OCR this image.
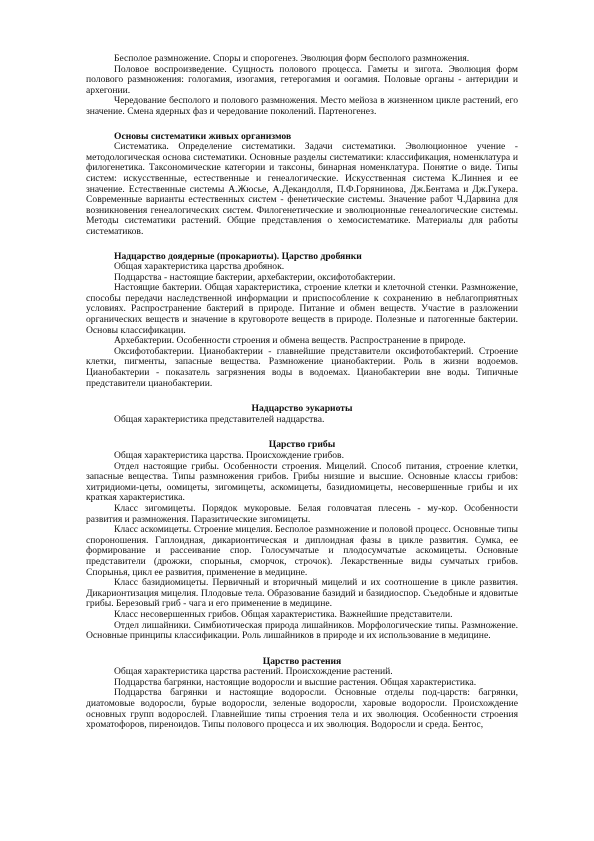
Бесполое размножение. Споры и спорогенез. Эволюция форм бесполого размножения.

Половое воспроизведение. Сущность полового процесса. Гаметы и зигота. Эволюция форм полового размножения: гологамия, изогамия, гетерогамия и оогамия. Половые органы - антеридии и архегонии.

Чередование бесполого и полового размножения. Место мейоза в жизненном цикле растений, его значение. Смена ядерных фаз и чередование поколений. Партеногенез.

Основы систематики живых организмов

Систематика. Определение систематики. Задачи систематики. Эволюционное учение - методологическая основа систематики. Основные разделы систематики: классификация, номенклатура и филогенетика. Таксономические категории и таксоны, бинарная номенклатура. Понятие о виде. Типы систем: искусственные, естественные и генеалогические. Искусственная система К.Линнея и ее значение. Естественные системы А.Жюсье, А.Декандолля, П.Ф.Горянинова, Дж.Бентама и Дж.Гукера. Современные варианты естественных систем - фенетические системы. Значение работ Ч.Дарвина для возникновения генеалогических систем. Филогенетические и эволюционные генеалогические системы. Методы систематики растений. Общие представления о хемосистематике. Материалы для работы систематиков.

Надцарство доядерные (прокариоты). Царство дробянки

Общая характеристика царства дробянок.

Подцарства - настоящие бактерии, архебактерии, оксифотобактерии.

Настоящие бактерии. Общая характеристика, строение клетки и клеточной стенки. Размножение, способы передачи наследственной информации и приспособление к сохранению в неблагоприятных условиях. Распространение бактерий в природе. Питание и обмен веществ. Участие в разложении органических веществ и значение в круговороте веществ в природе. Полезные и патогенные бактерии. Основы классификации.

Архебактерии. Особенности строения и обмена веществ. Распространение в природе.

Оксифотобактерии. Цианобактерии - главнейшие представители оксифотобактерий. Строение клетки, пигменты, запасные вещества. Размножение цианобактерии. Роль в жизни водоемов. Цианобактерии - показатель загрязнения воды в водоемах. Цианобактерии вне воды. Типичные представители цианобактерии.

Надцарство эукариоты

Общая характеристика представителей надцарства.

Царство грибы

Общая характеристика царства. Происхождение грибов.

Отдел настоящие грибы. Особенности строения. Мицелий. Способ питания, строение клетки, запасные вещества. Типы размножения грибов. Грибы низшие и высшие. Основные классы грибов: хитридиоми-цеты, оомицеты, зигомицеты, аскомицеты, базидиомицеты, несовершенные грибы и их краткая характеристика.

Класс зигомицеты. Порядок мукоровые. Белая головчатая плесень - му-кор. Особенности развития и размножения. Паразитические зигомицеты.

Класс аскомицеты. Строение мицелия. Бесполое размножение и половой процесс. Основные типы спороношения. Гаплоидная, дикарионтическая и диплоидная фазы в цикле развития. Сумка, ее формирование и рассеивание спор. Голосумчатые и плодосумчатые аскомицеты. Основные представители (дрожжи, спорынья, сморчок, строчок). Лекарственные виды сумчатых грибов. Спорынья, цикл ее развития, применение в медицине.

Класс базидиомицеты. Первичный и вторичный мицелий и их соотношение в цикле развития. Дикарионтизация мицелия. Плодовые тела. Образование базидий и базидиоспор. Съедобные и ядовитые грибы. Березовый гриб - чага и его применение в медицине.

Класс несовершенных грибов. Общая характеристика. Важнейшие представители.

Отдел лишайники. Симбиотическая природа лишайников. Морфологические типы. Размножение. Основные принципы классификации. Роль лишайников в природе и их использование в медицине.

Царство растения

Общая характеристика царства растений. Происхождение растений.

Подцарства багрянки, настоящие водоросли и высшие растения. Общая характеристика.

Подцарства багрянки и настоящие водоросли. Основные отделы под-царств: багрянки, диатомовые водоросли, бурые водоросли, зеленые водоросли, харовые водоросли. Происхождение основных групп водорослей. Главнейшие типы строения тела и их эволюция. Особенности строения хроматофоров, пиреноидов. Типы полового процесса и их эволюция. Водоросли и среда. Бентос,
